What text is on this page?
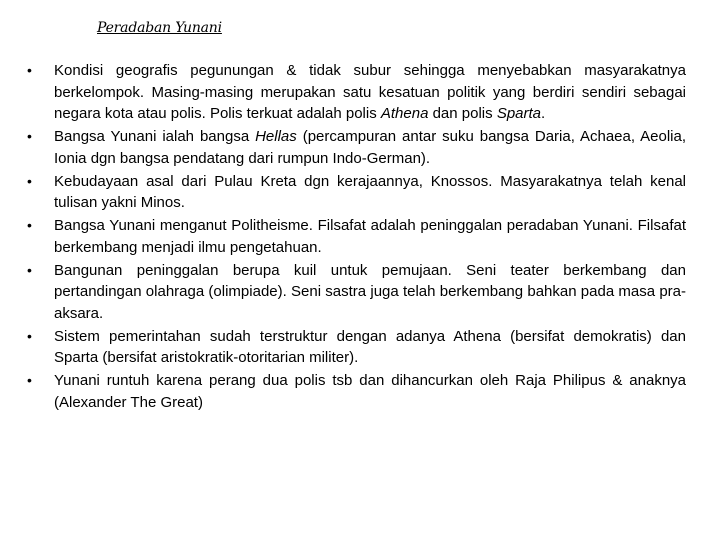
Peradaban Yunani
• Kondisi geografis pegunungan & tidak subur sehingga menyebabkan masyarakatnya berkelompok. Masing-masing merupakan satu kesatuan politik yang berdiri sendiri sebagai negara kota atau polis. Polis terkuat adalah polis Athena dan polis Sparta.
• Bangsa Yunani ialah bangsa Hellas (percampuran antar suku bangsa Daria, Achaea, Aeolia, Ionia dgn bangsa pendatang dari rumpun Indo-German).
• Kebudayaan asal dari Pulau Kreta dgn kerajaannya, Knossos. Masyarakatnya telah kenal tulisan yakni Minos.
• Bangsa Yunani menganut Politheisme. Filsafat adalah peninggalan peradaban Yunani. Filsafat berkembang menjadi ilmu pengetahuan.
• Bangunan peninggalan berupa kuil untuk pemujaan. Seni teater berkembang dan pertandingan olahraga (olimpiade). Seni sastra juga telah berkembang bahkan pada masa pra-aksara.
• Sistem pemerintahan sudah terstruktur dengan adanya Athena (bersifat demokratis) dan Sparta (bersifat aristokratik-otoritarian militer).
• Yunani runtuh karena perang dua polis tsb dan dihancurkan oleh Raja Philipus & anaknya (Alexander The Great)
